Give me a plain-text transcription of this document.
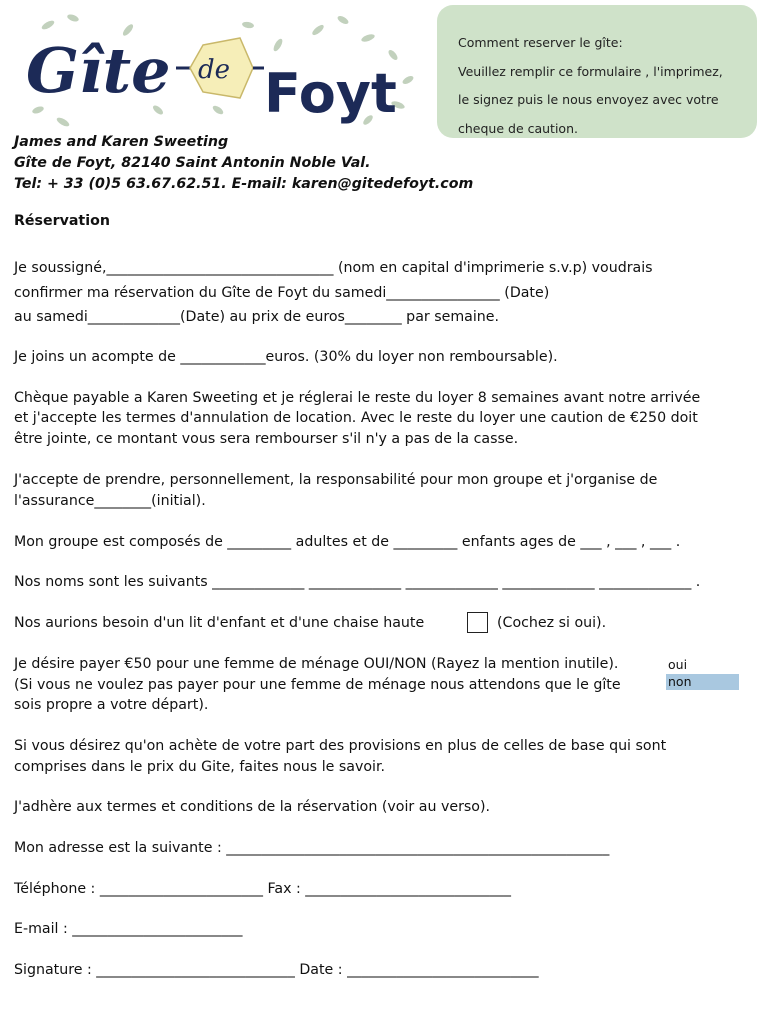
Gîte de Foyt
Comment reserver le gîte:
Veuillez remplir ce formulaire , l'imprimez,
le signez puis le nous envoyez avec votre
cheque de caution.
James and Karen Sweeting
Gîte de Foyt, 82140 Saint Antonin Noble Val.
Tel: + 33 (0)5 63.67.62.51. E-mail: karen@gitedefoyt.com
Réservation
Je soussigné,________________________________ (nom en capital d'imprimerie s.v.p) voudrais
confirmer ma réservation du Gîte de Foyt du samedi________________ (Date)
au samedi_____________(Date) au prix de euros________ par semaine.
Je joins un acompte de ____________euros. (30% du loyer non remboursable).
Chèque payable a Karen Sweeting et je réglerai le reste du loyer 8 semaines avant notre arrivée
et j'accepte les termes d'annulation de location. Avec le reste du loyer une caution de €250 doit
être jointe, ce montant vous sera rembourser s'il n'y a pas de la casse.
J'accepte de prendre, personnellement, la responsabilité pour mon groupe et j'organise de
l'assurance________(initial).
Mon groupe est composés de _________ adultes et de _________ enfants ages de ___ , ___ , ___ .
Nos noms sont les suivants _____________ _____________ _____________ _____________ _____________ .
Nos aurions besoin d'un lit d'enfant et d'une chaise haute	(Cochez si oui).
Je désire payer €50 pour une femme de ménage OUI/NON (Rayez la mention inutile).
(Si vous ne voulez pas payer pour une femme de ménage nous attendons que le gîte
sois propre a votre départ).
oui
non
Si vous désirez qu'on achète de votre part des provisions en plus de celles de base qui sont
comprises dans le prix du Gite, faites nous le savoir.
J'adhère aux termes et conditions de la réservation (voir au verso).
Mon adresse est la suivante : ______________________________________________________
Téléphone : _______________________ Fax : _____________________________
E-mail : ________________________
Signature : ____________________________ Date : ___________________________
